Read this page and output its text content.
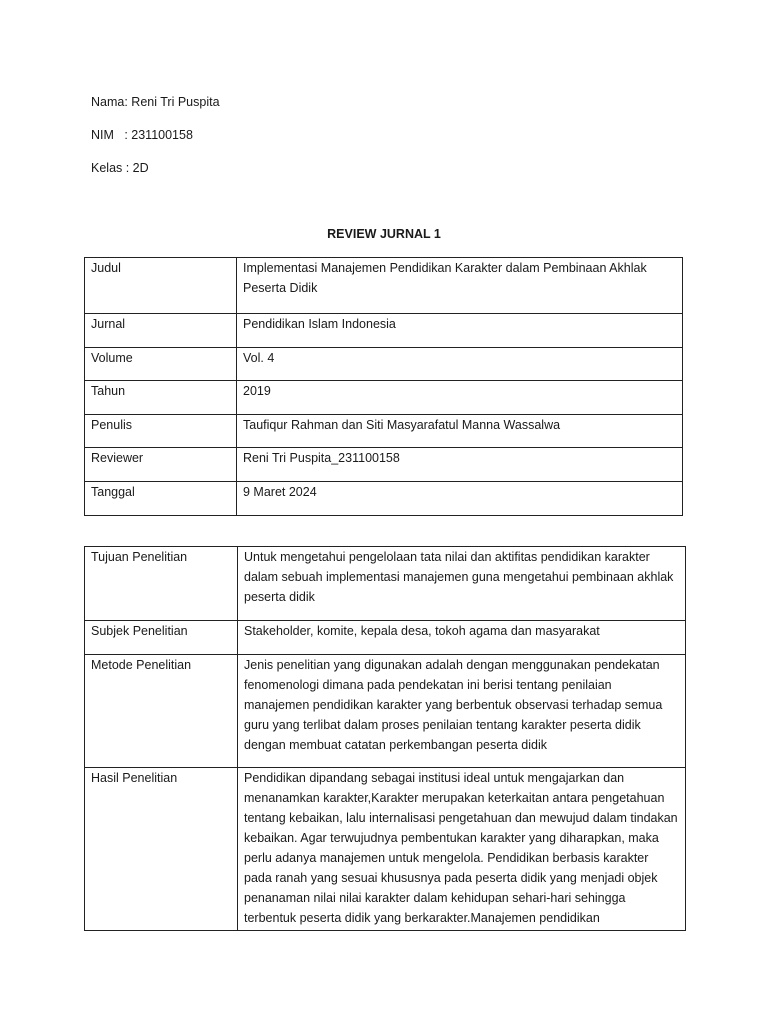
Nama: Reni Tri Puspita
NIM   : 231100158
Kelas : 2D
REVIEW JURNAL 1
Judul	Implementasi Manajemen Pendidikan Karakter dalam Pembinaan Akhlak Peserta Didik
Jurnal	Pendidikan Islam Indonesia
Volume	Vol. 4
Tahun	2019
Penulis	Taufiqur Rahman dan Siti Masyarafatul Manna Wassalwa
Reviewer	Reni Tri Puspita_231100158
Tanggal	9 Maret 2024
Tujuan Penelitian	Untuk mengetahui pengelolaan tata nilai dan aktifitas pendidikan karakter dalam sebuah implementasi manajemen guna mengetahui pembinaan akhlak peserta didik
Subjek Penelitian	Stakeholder, komite, kepala desa, tokoh agama dan masyarakat
Metode Penelitian	Jenis penelitian yang digunakan adalah dengan menggunakan pendekatan fenomenologi dimana pada pendekatan ini berisi tentang penilaian manajemen pendidikan karakter yang berbentuk observasi terhadap semua guru yang terlibat dalam proses penilaian tentang karakter peserta didik dengan membuat catatan perkembangan peserta didik
Hasil Penelitian	Pendidikan dipandang sebagai institusi ideal untuk mengajarkan dan menanamkan karakter,Karakter merupakan keterkaitan antara pengetahuan tentang kebaikan, lalu internalisasi pengetahuan dan mewujud dalam tindakan kebaikan. Agar terwujudnya pembentukan karakter yang diharapkan, maka perlu adanya manajemen untuk mengelola. Pendidikan berbasis karakter pada ranah yang sesuai khususnya pada peserta didik yang menjadi objek penanaman nilai nilai karakter dalam kehidupan sehari-hari sehingga terbentuk peserta didik yang berkarakter.Manajemen pendidikan
